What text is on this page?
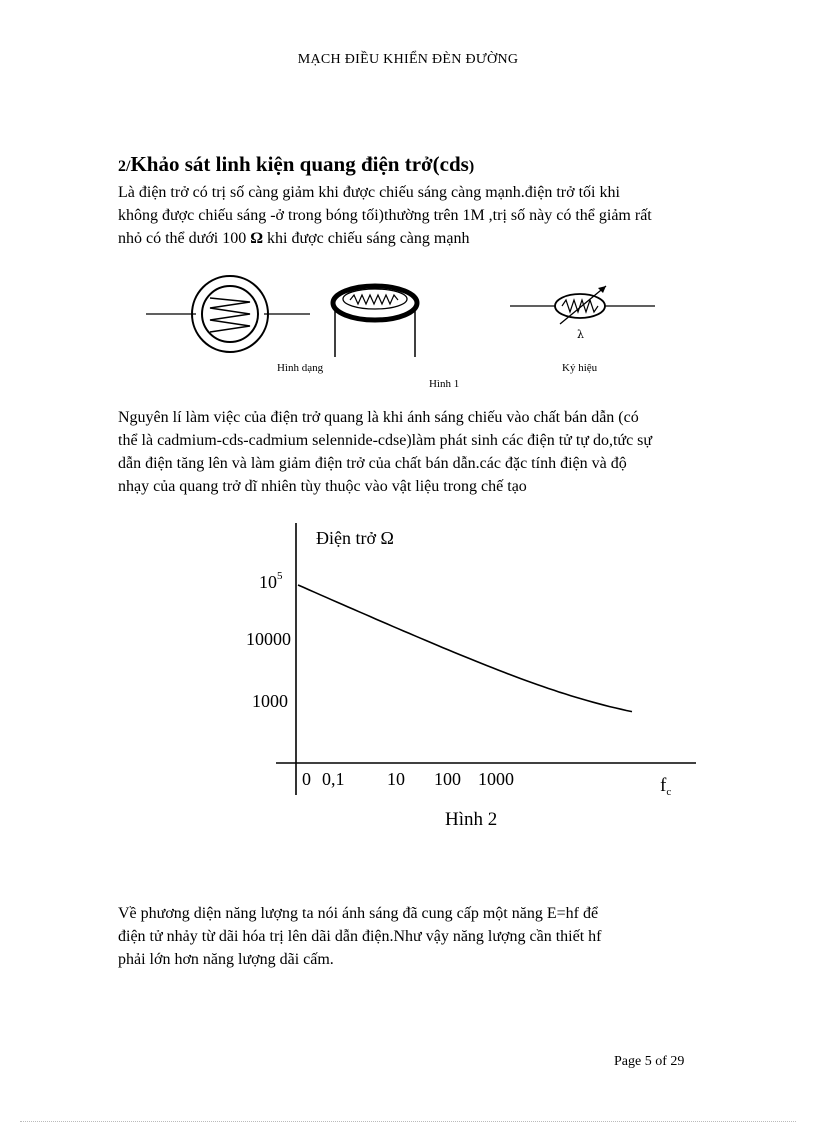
MẠCH ĐIỀU KHIỂN ĐÈN ĐƯỜNG
2/Khảo sát linh kiện quang điện trở(cds)
Là điện trở có trị số càng giảm khi được chiếu sáng càng mạnh.điện trở tối khi
không được chiếu sáng -ở trong bóng tối)thường trên 1M ,trị số này có thể giảm rất
nhỏ có thể dưới 100 Ω khi được chiếu sáng càng mạnh
λ
Hình dạng	Ký hiệu
Hình 1
Nguyên lí làm việc của điện trở quang là khi ánh sáng chiếu vào chất bán dẫn (có
thể là cadmium-cds-cadmium selennide-cdse)làm phát sinh các điện tử tự do,tức sự
dẫn điện tăng lên và làm giảm điện trở của chất bán dẫn.các đặc tính điện và độ
nhạy của quang trở dĩ nhiên tùy thuộc vào vật liệu trong chế tạo
Điện trở Ω
$10^5$
10000
1000
0 0,1 10 100 1000	$f_c$
Hình 2
Về phương diện năng lượng ta nói ánh sáng đã cung cấp một năng E=hf để
điện tử nhảy từ dãi hóa trị lên dãi dẫn điện.Như vậy năng lượng cần thiết hf
phải lớn hơn năng lượng dãi cấm.
Page 5 of 29
